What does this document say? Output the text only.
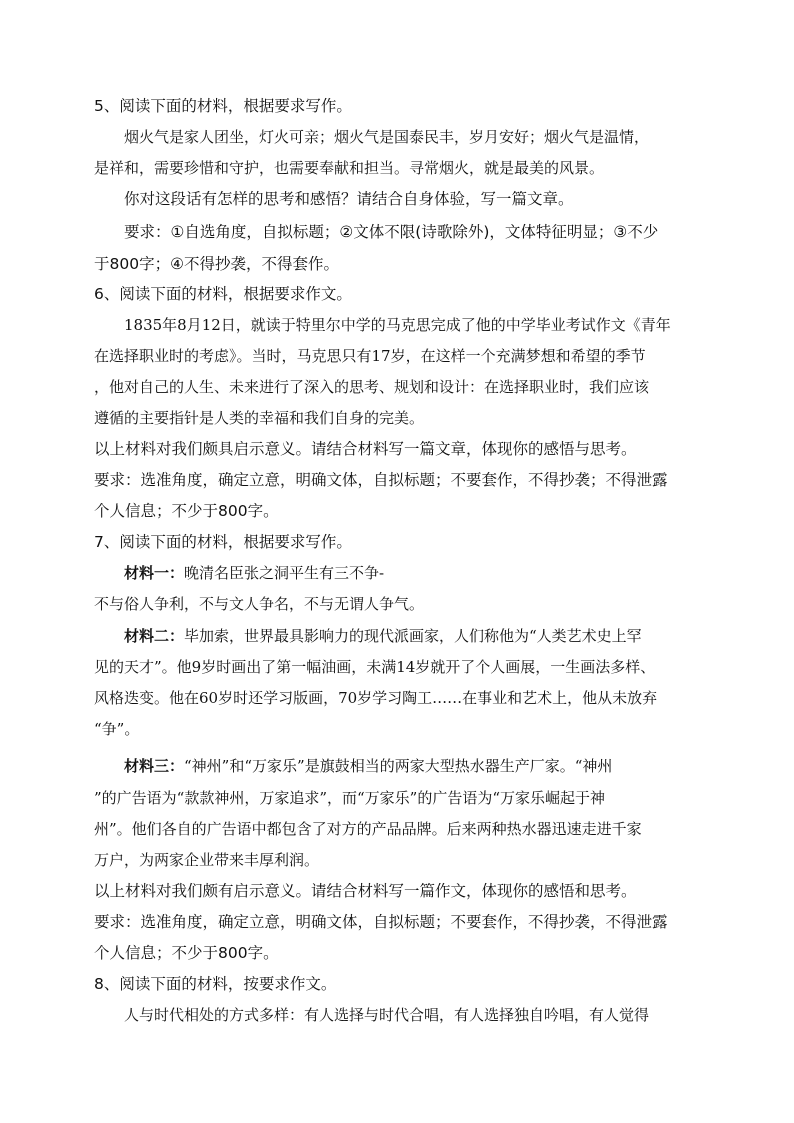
5、阅读下面的材料，根据要求写作。
烟火气是家人团坐，灯火可亲；烟火气是国泰民丰，岁月安好；烟火气是温情，
是祥和，需要珍惜和守护，也需要奉献和担当。寻常烟火，就是最美的风景。
你对这段话有怎样的思考和感悟？请结合自身体验，写一篇文章。
要求：①自选角度，自拟标题；②文体不限(诗歌除外)，文体特征明显；③不少
于800字；④不得抄袭，不得套作。
6、阅读下面的材料，根据要求作文。
1835年8月12日，就读于特里尔中学的马克思完成了他的中学毕业考试作文《青年
在选择职业时的考虑》。当时，马克思只有17岁，在这样一个充满梦想和希望的季节
，他对自己的人生、未来进行了深入的思考、规划和设计：在选择职业时，我们应该
遵循的主要指针是人类的幸福和我们自身的完美。
以上材料对我们颇具启示意义。请结合材料写一篇文章，体现你的感悟与思考。
要求：选准角度，确定立意，明确文体，自拟标题；不要套作，不得抄袭；不得泄露
个人信息；不少于800字。
7、阅读下面的材料，根据要求写作。
材料一：晚清名臣张之洞平生有三不争-
不与俗人争利，不与文人争名，不与无谓人争气。
材料二：毕加索，世界最具影响力的现代派画家，人们称他为“人类艺术史上罕
见的天才”。他9岁时画出了第一幅油画，未满14岁就开了个人画展，一生画法多样、
风格迭变。他在60岁时还学习版画，70岁学习陶工……在事业和艺术上，他从未放弃
“争”。
材料三：“神州”和“万家乐”是旗鼓相当的两家大型热水器生产厂家。“神州
”的广告语为“款款神州，万家追求”，而“万家乐”的广告语为“万家乐崛起于神
州”。他们各自的广告语中都包含了对方的产品品牌。后来两种热水器迅速走进千家
万户，为两家企业带来丰厚利润。
以上材料对我们颇有启示意义。请结合材料写一篇作文，体现你的感悟和思考。
要求：选准角度，确定立意，明确文体，自拟标题；不要套作，不得抄袭，不得泄露
个人信息；不少于800字。
8、阅读下面的材料，按要求作文。
人与时代相处的方式多样：有人选择与时代合唱，有人选择独自吟唱，有人觉得
